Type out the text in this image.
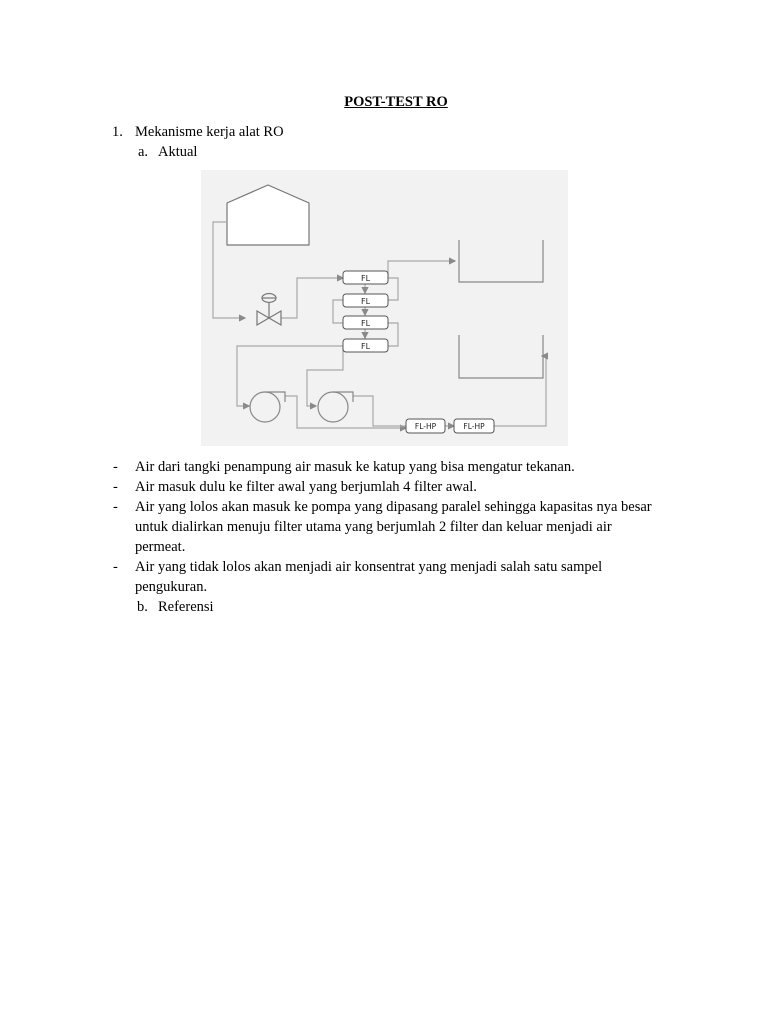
POST-TEST RO
1. Mekanisme kerja alat RO
a. Aktual
FL
FL
FL
FL
FL-HP	FL-HP
- Air dari tangki penampung air masuk ke katup yang bisa mengatur tekanan.
- Air masuk dulu ke filter awal yang berjumlah 4 filter awal.
- Air yang lolos akan masuk ke pompa yang dipasang paralel sehingga kapasitas nya besar
untuk dialirkan menuju filter utama yang berjumlah 2 filter dan keluar menjadi air
permeat.
- Air yang tidak lolos akan menjadi air konsentrat yang menjadi salah satu sampel
pengukuran.
b. Referensi
